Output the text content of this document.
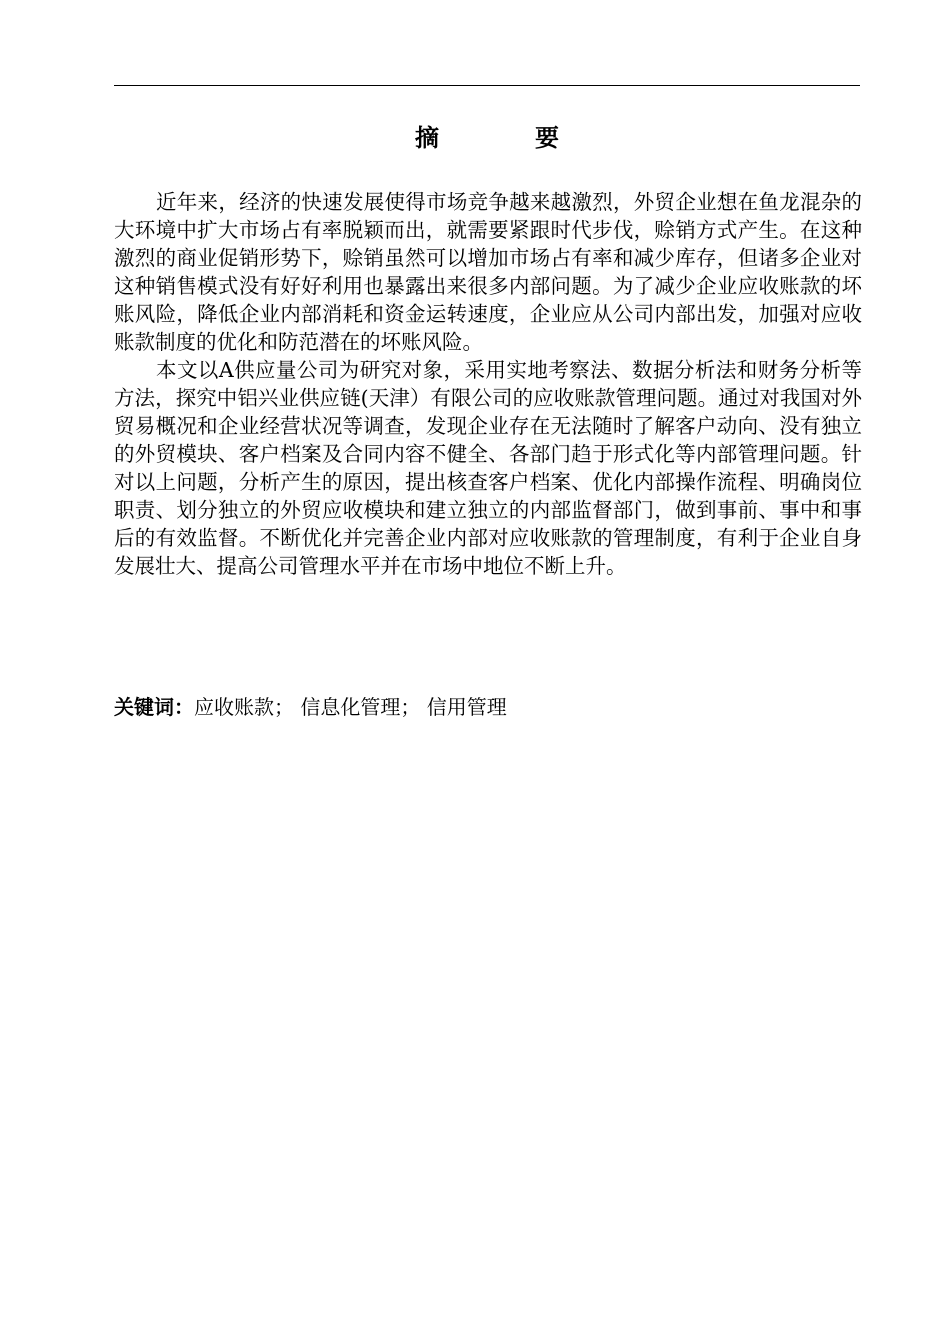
摘　要

近年来，经济的快速发展使得市场竞争越来越激烈，外贸企业想在鱼龙混杂的大环境中扩大市场占有率脱颖而出，就需要紧跟时代步伐，赊销方式产生。在这种激烈的商业促销形势下，赊销虽然可以增加市场占有率和减少库存，但诸多企业对这种销售模式没有好好利用也暴露出来很多内部问题。为了减少企业应收账款的坏账风险，降低企业内部消耗和资金运转速度，企业应从公司内部出发，加强对应收账款制度的优化和防范潜在的坏账风险。

本文以A供应量公司为研究对象，采用实地考察法、数据分析法和财务分析等方法，探究中铝兴业供应链(天津）有限公司的应收账款管理问题。通过对我国对外贸易概况和企业经营状况等调查，发现企业存在无法随时了解客户动向、没有独立的外贸模块、客户档案及合同内容不健全、各部门趋于形式化等内部管理问题。针对以上问题，分析产生的原因，提出核查客户档案、优化内部操作流程、明确岗位职责、划分独立的外贸应收模块和建立独立的内部监督部门，做到事前、事中和事后的有效监督。不断优化并完善企业内部对应收账款的管理制度，有利于企业自身发展壮大、提高公司管理水平并在市场中地位不断上升。

关键词：应收账款； 信息化管理； 信用管理
